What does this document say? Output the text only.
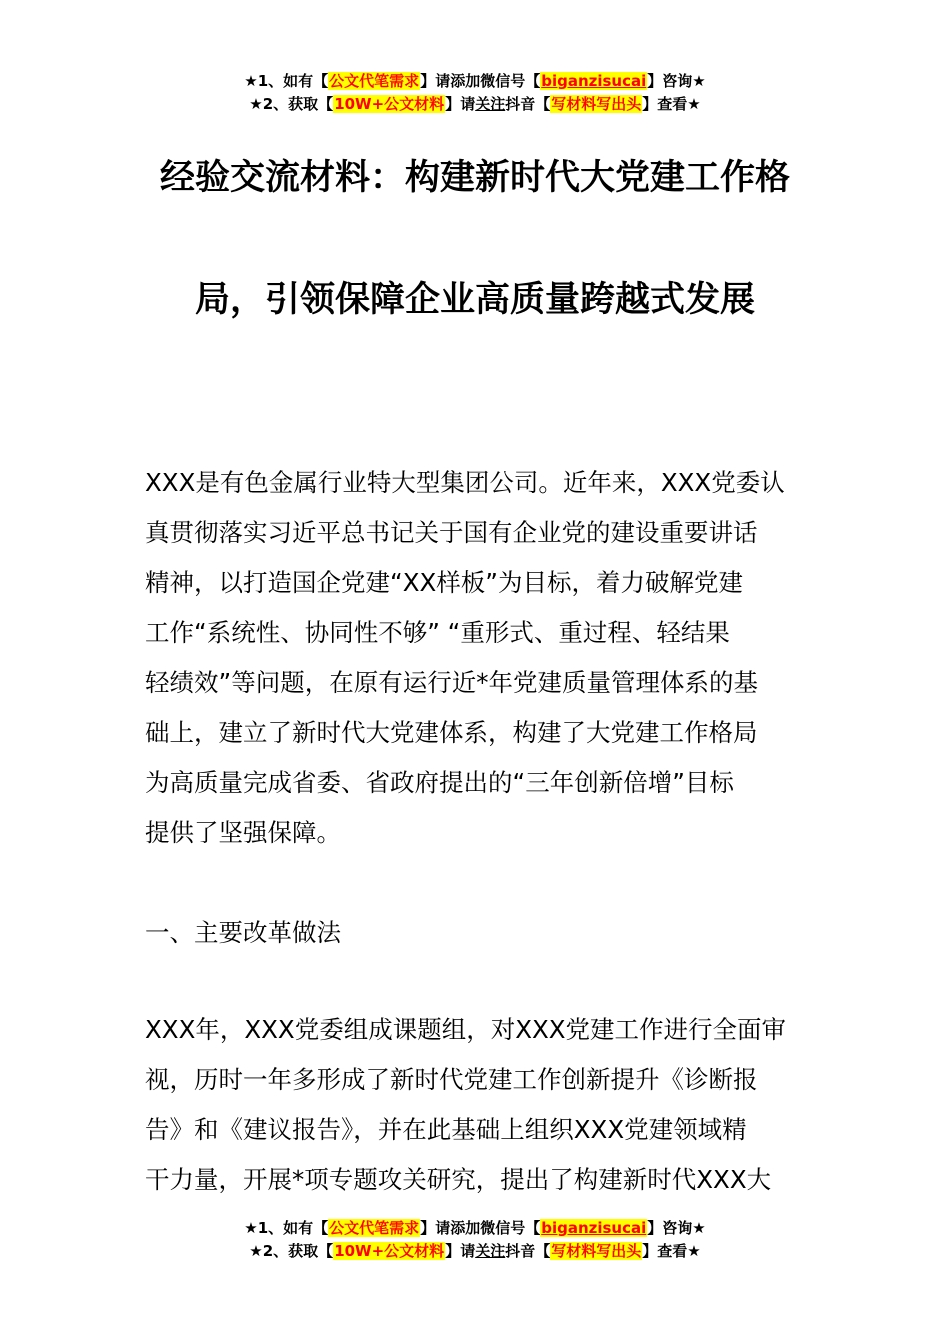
★1、如有【公文代笔需求】请添加微信号【biganzisucai】咨询★
★2、获取【10W+公文材料】请关注抖音【写材料写出头】查看★
经验交流材料：构建新时代大党建工作格
局，引领保障企业高质量跨越式发展
XXX是有色金属行业特大型集团公司。近年来，XXX党委认
真贯彻落实习近平总书记关于国有企业党的建设重要讲话
精神，以打造国企党建“XX样板”为目标，着力破解党建
工作“系统性、协同性不够” “重形式、重过程、轻结果
轻绩效”等问题，在原有运行近*年党建质量管理体系的基
础上，建立了新时代大党建体系，构建了大党建工作格局
为高质量完成省委、省政府提出的“三年创新倍增”目标
提供了坚强保障。
一、主要改革做法
XXX年，XXX党委组成课题组，对XXX党建工作进行全面审
视，历时一年多形成了新时代党建工作创新提升《诊断报
告》和《建议报告》，并在此基础上组织XXX党建领域精
干力量，开展*项专题攻关研究，提出了构建新时代XXX大
★1、如有【公文代笔需求】请添加微信号【biganzisucai】咨询★
★2、获取【10W+公文材料】请关注抖音【写材料写出头】查看★
